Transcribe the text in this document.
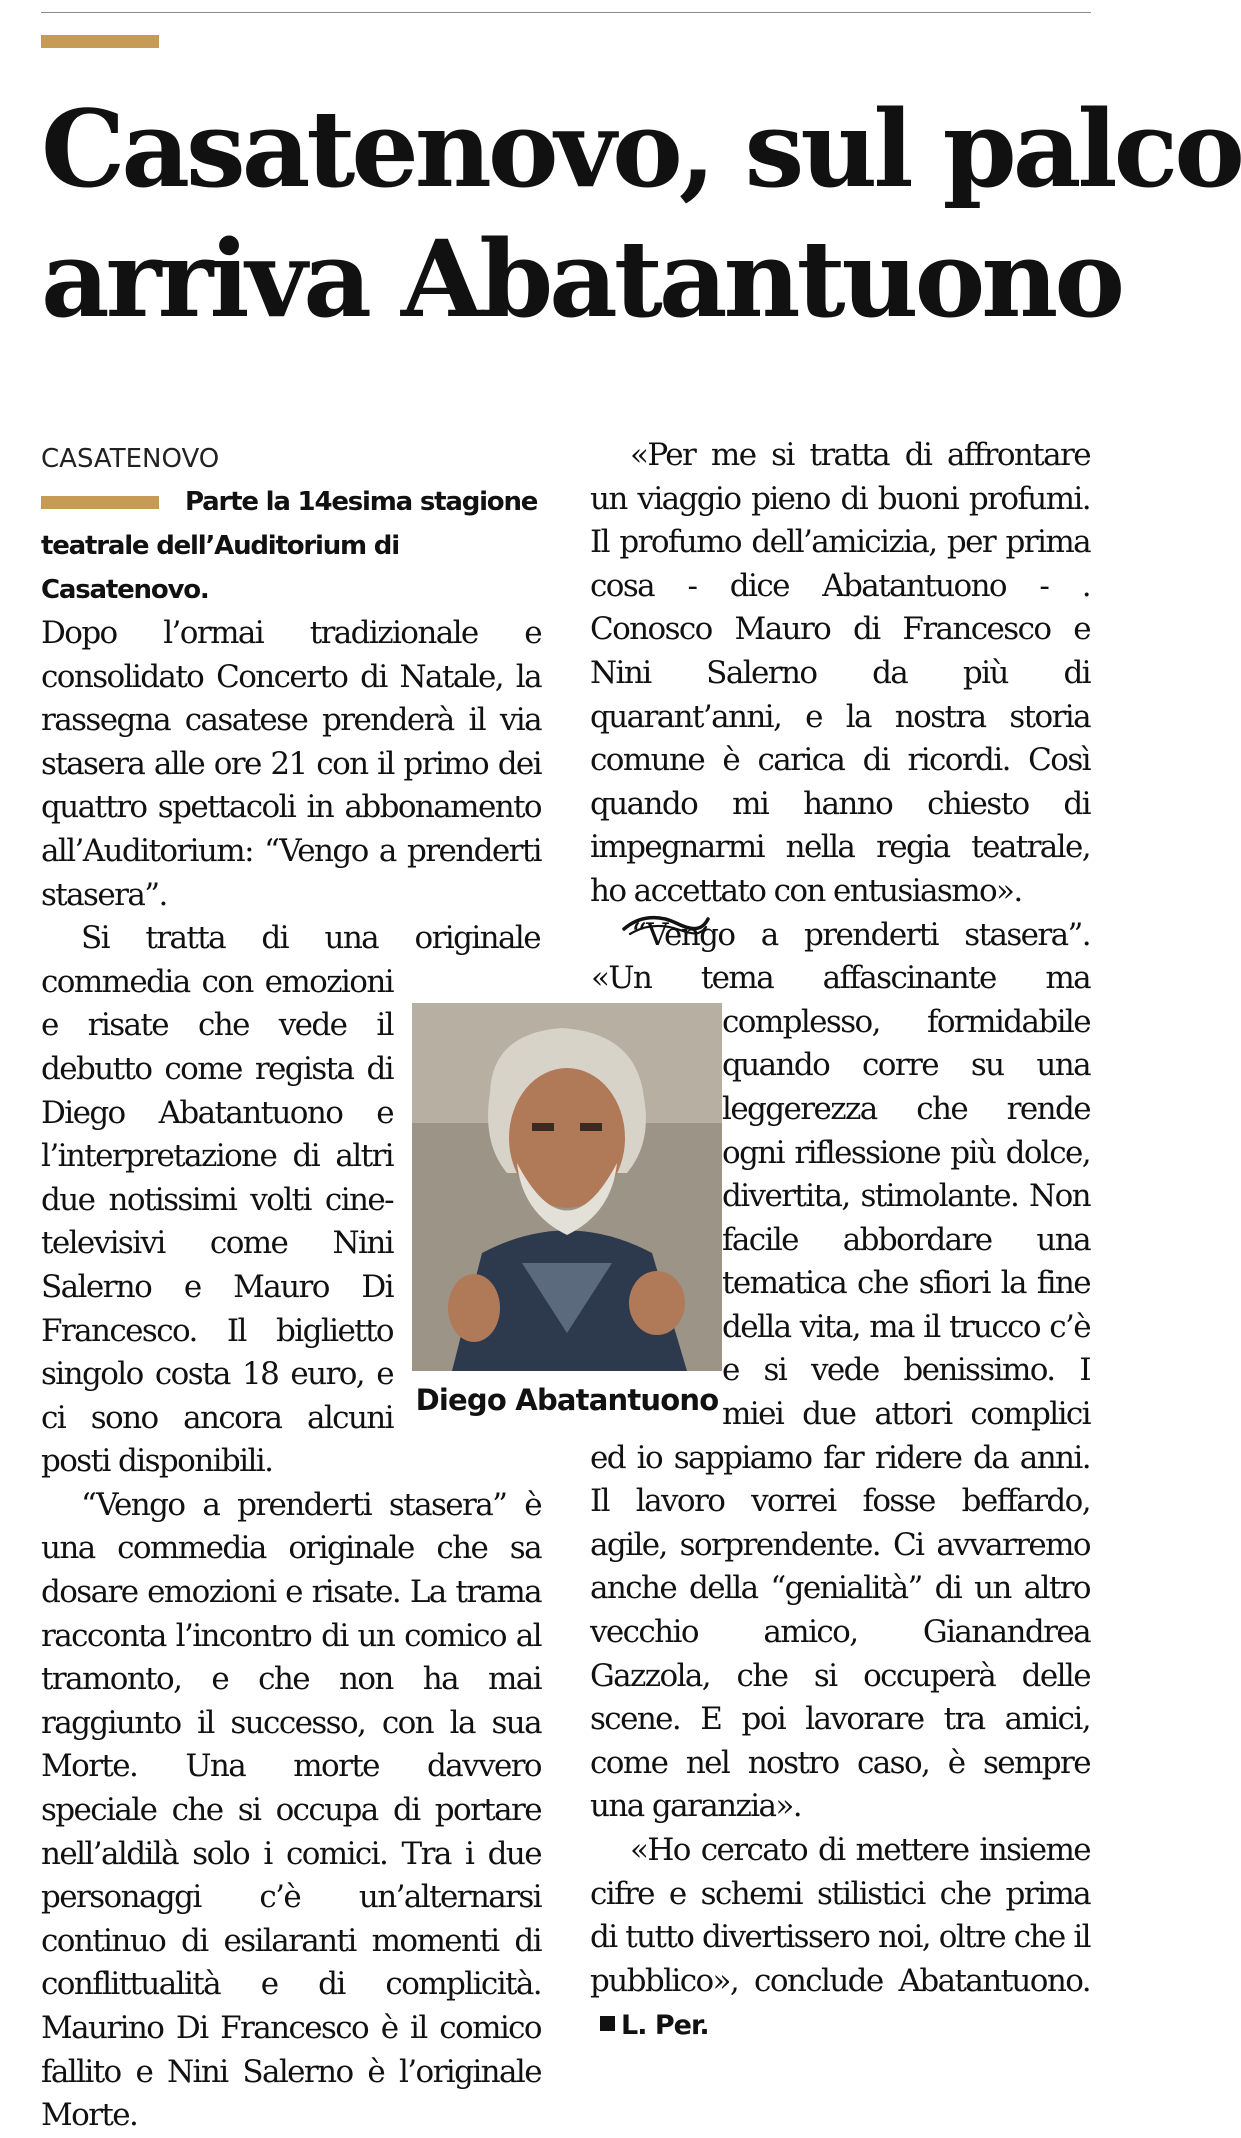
Casatenovo, sul palco
arriva Abatantuono

CASATENOVO

Parte la 14esima stagione teatrale dell’Auditorium di Casatenovo.

Dopo l’ormai tradizionale e consolidato Concerto di Natale, la rassegna casatese prenderà il via stasera alle ore 21 con il primo dei quattro spettacoli in abbonamento all’Auditorium: “Vengo a prenderti stasera”.

Si tratta di una originale commedia con emozioni e risate che vede il debutto come regista di Diego Abatantuono e l’interpretazione di altri due notissimi volti cine-televisivi come Nini Salerno e Mauro Di Francesco. Il biglietto singolo costa 18 euro, e ci sono ancora alcuni posti disponibili.

“Vengo a prenderti stasera” è una commedia originale che sa dosare emozioni e risate. La trama racconta l’incontro di un comico al tramonto, e che non ha mai raggiunto il successo, con la sua Morte. Una morte davvero speciale che si occupa di portare nell’aldilà solo i comici. Tra i due personaggi c’è un’alternarsi continuo di esilaranti momenti di conflittualità e di complicità. Maurino Di Francesco è il comico fallito e Nini Salerno è l’originale Morte.

«Per me si tratta di affrontare un viaggio pieno di buoni profumi. Il profumo dell’amicizia, per prima cosa - dice Abatantuono - . Conosco Mauro di Francesco e Nini Salerno da più di quarant’anni, e la nostra storia comune è carica di ricordi. Così quando mi hanno chiesto di impegnarmi nella regia teatrale, ho accettato con entusiasmo».

“Vengo a prenderti stasera”. «Un tema affascinante ma complesso, formidabile quando corre su una leggerezza che rende ogni riflessione più dolce, divertita, stimolante. Non facile abbordare una tematica che sfiori la fine della vita, ma il trucco c’è e si vede benissimo. I miei due attori complici ed io sappiamo far ridere da anni. Il lavoro vorrei fosse beffardo, agile, sorprendente. Ci avvarremo anche della “genialità” di un altro vecchio amico, Gianandrea Gazzola, che si occuperà delle scene. E poi lavorare tra amici, come nel nostro caso, è sempre una garanzia».

«Ho cercato di mettere insieme cifre e schemi stilistici che prima di tutto divertissero noi, oltre che il pubblico», conclude Abatantuono.L. Per.

Diego Abatantuono
